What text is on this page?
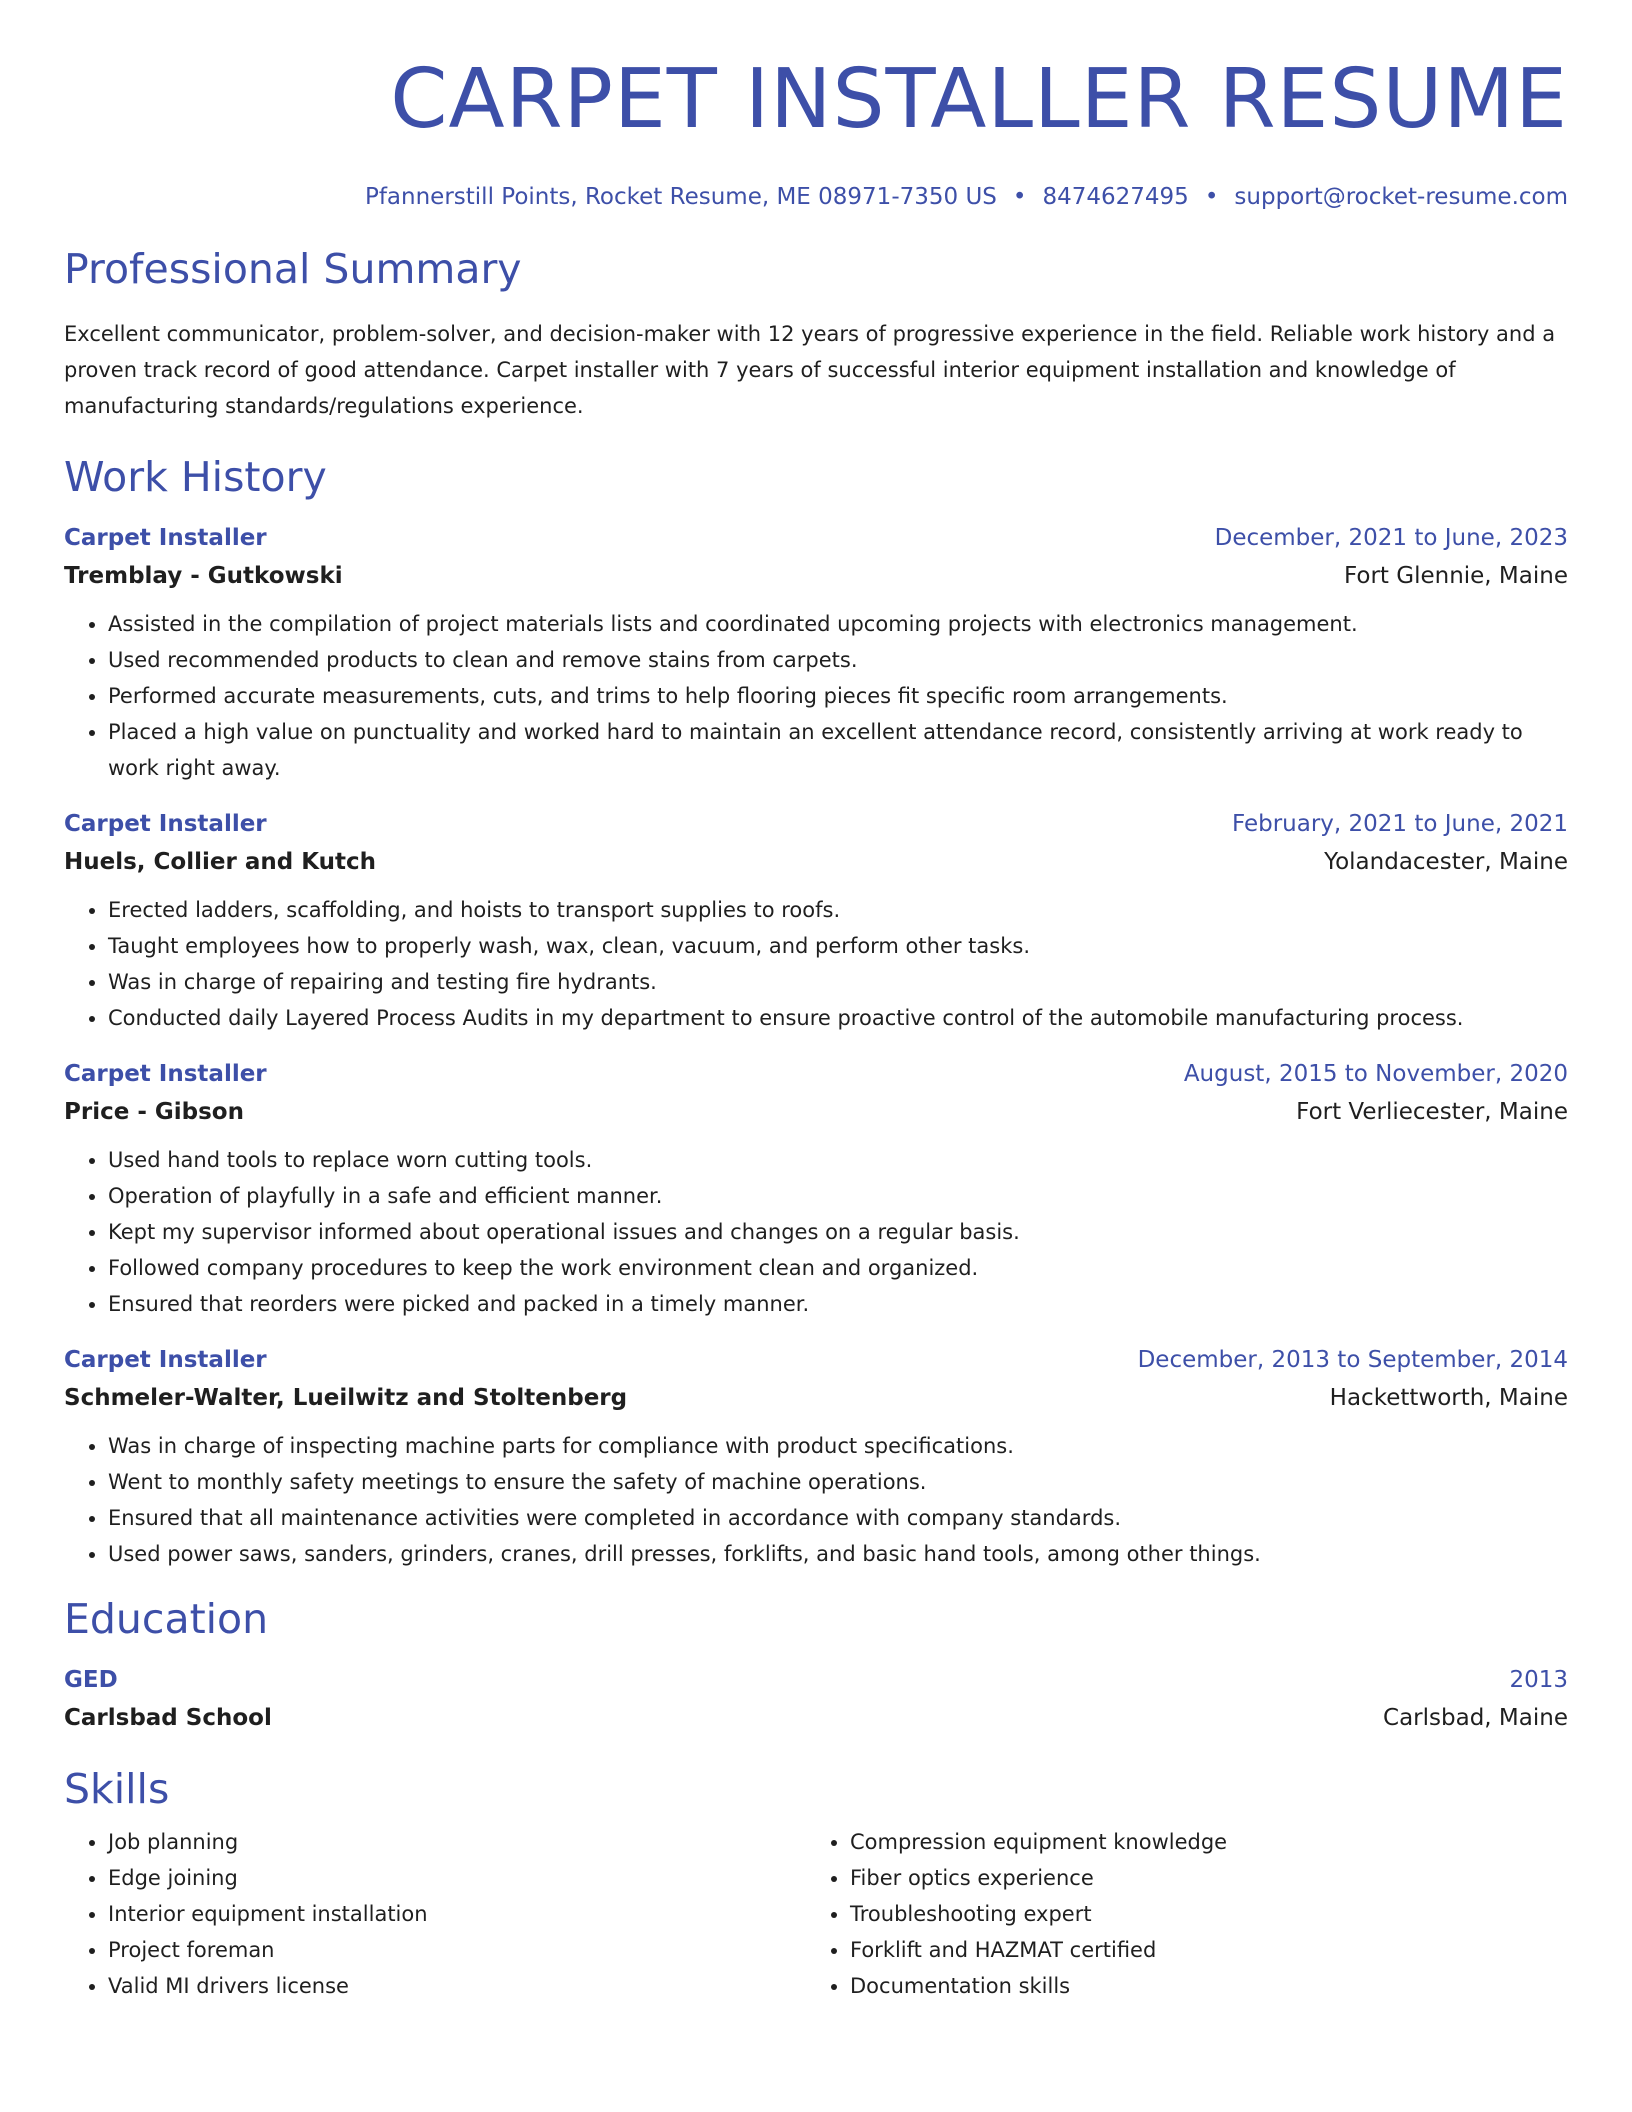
CARPET INSTALLER RESUME
Pfannerstill Points, Rocket Resume, ME 08971-7350 US • 8474627495 • support@rocket-resume.com
Professional Summary

Excellent communicator, problem-solver, and decision-maker with 12 years of progressive experience in the field. Reliable work history and a proven track record of good attendance. Carpet installer with 7 years of successful interior equipment installation and knowledge of manufacturing standards/regulations experience.

Work History
Carpet Installer	December, 2021 to June, 2023
Tremblay - Gutkowski	Fort Glennie, Maine
• Assisted in the compilation of project materials lists and coordinated upcoming projects with electronics management.
• Used recommended products to clean and remove stains from carpets.
• Performed accurate measurements, cuts, and trims to help flooring pieces fit specific room arrangements.
• Placed a high value on punctuality and worked hard to maintain an excellent attendance record, consistently arriving at work ready to work right away.
Carpet Installer	February, 2021 to June, 2021
Huels, Collier and Kutch	Yolandacester, Maine
• Erected ladders, scaffolding, and hoists to transport supplies to roofs.
• Taught employees how to properly wash, wax, clean, vacuum, and perform other tasks.
• Was in charge of repairing and testing fire hydrants.
• Conducted daily Layered Process Audits in my department to ensure proactive control of the automobile manufacturing process.
Carpet Installer	August, 2015 to November, 2020
Price - Gibson	Fort Verliecester, Maine
• Used hand tools to replace worn cutting tools.
• Operation of playfully in a safe and efficient manner.
• Kept my supervisor informed about operational issues and changes on a regular basis.
• Followed company procedures to keep the work environment clean and organized.
• Ensured that reorders were picked and packed in a timely manner.
Carpet Installer	December, 2013 to September, 2014
Schmeler-Walter, Lueilwitz and Stoltenberg	Hackettworth, Maine
• Was in charge of inspecting machine parts for compliance with product specifications.
• Went to monthly safety meetings to ensure the safety of machine operations.
• Ensured that all maintenance activities were completed in accordance with company standards.
• Used power saws, sanders, grinders, cranes, drill presses, forklifts, and basic hand tools, among other things.
Education
GED	2013
Carlsbad School	Carlsbad, Maine
Skills
• Job planning
• Edge joining
• Interior equipment installation
• Project foreman
• Valid MI drivers license
• Compression equipment knowledge
• Fiber optics experience
• Troubleshooting expert
• Forklift and HAZMAT certified
• Documentation skills
